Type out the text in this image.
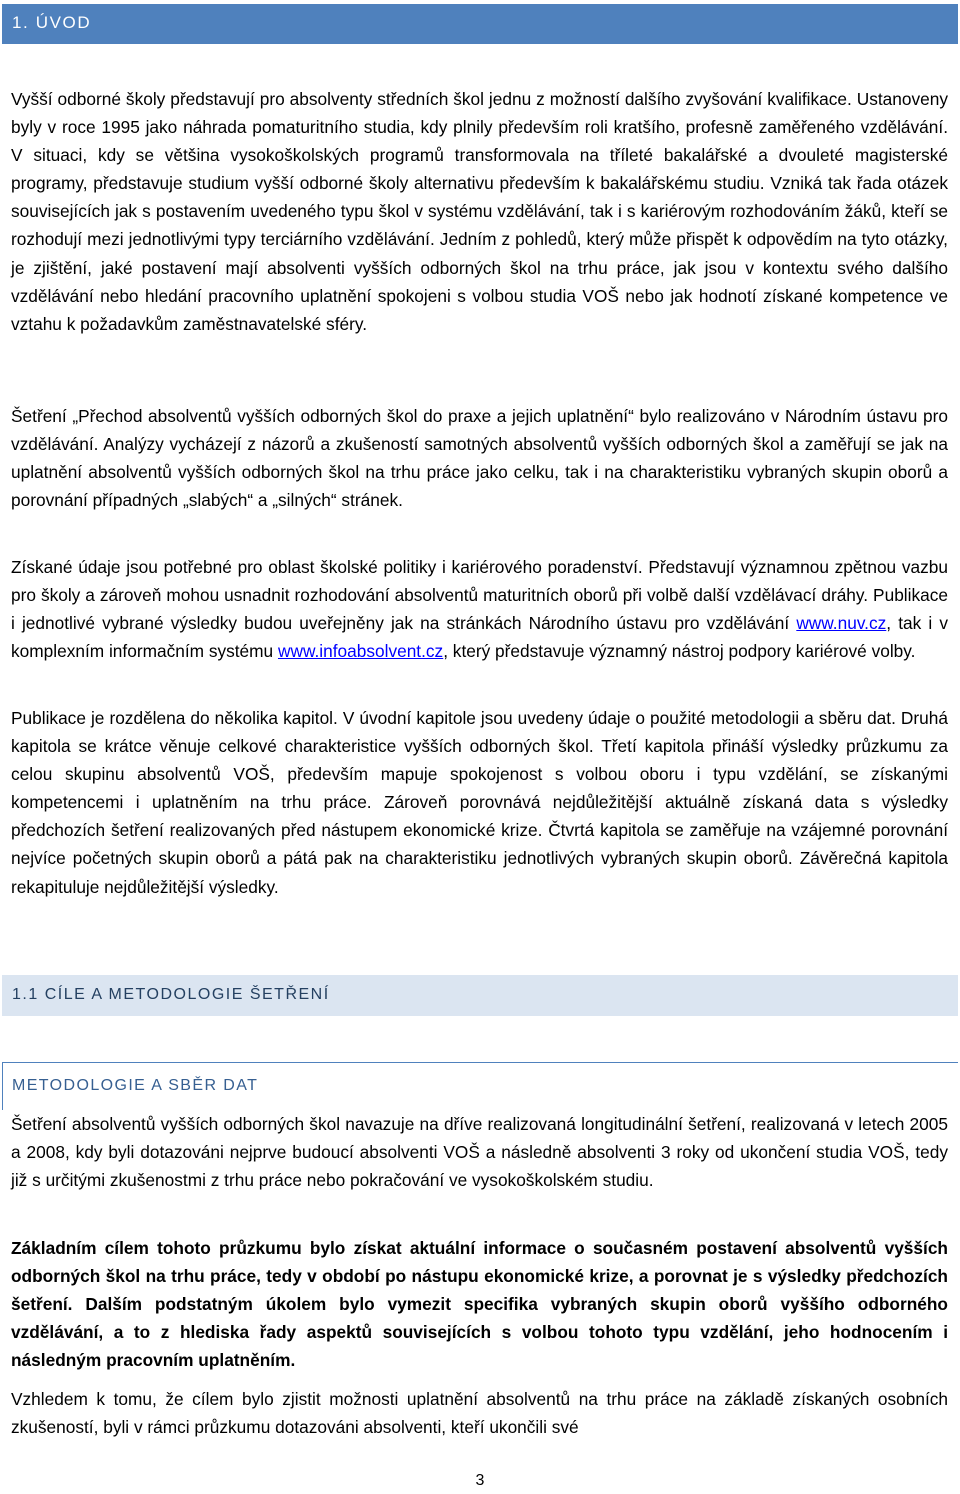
1. ÚVOD

Vyšší odborné školy představují pro absolventy středních škol jednu z možností dalšího zvyšování kvalifikace. Ustanoveny byly v roce 1995 jako náhrada pomaturitního studia, kdy plnily především roli kratšího, profesně zaměřeného vzdělávání. V situaci, kdy se většina vysokoškolských programů transformovala na tříleté bakalářské a dvouleté magisterské programy, představuje studium vyšší odborné školy alternativu především k bakalářskému studiu. Vzniká tak řada otázek souvisejících jak s postavením uvedeného typu škol v systému vzdělávání, tak i s kariérovým rozhodováním žáků, kteří se rozhodují mezi jednotlivými typy terciárního vzdělávání. Jedním z pohledů, který může přispět k odpovědím na tyto otázky, je zjištění, jaké postavení mají absolventi vyšších odborných škol na trhu práce, jak jsou v kontextu svého dalšího vzdělávání nebo hledání pracovního uplatnění spokojeni s volbou studia VOŠ nebo jak hodnotí získané kompetence ve vztahu k požadavkům zaměstnavatelské sféry.

Šetření „Přechod absolventů vyšších odborných škol do praxe a jejich uplatnění“ bylo realizováno v Národním ústavu pro vzdělávání. Analýzy vycházejí z názorů a zkušeností samotných absolventů vyšších odborných škol a zaměřují se jak na uplatnění absolventů vyšších odborných škol na trhu práce jako celku, tak i na charakteristiku vybraných skupin oborů a porovnání případných „slabých“ a „silných“ stránek.

Získané údaje jsou potřebné pro oblast školské politiky i kariérového poradenství. Představují významnou zpětnou vazbu pro školy a zároveň mohou usnadnit rozhodování absolventů maturitních oborů při volbě další vzdělávací dráhy. Publikace i jednotlivé vybrané výsledky budou uveřejněny jak na stránkách Národního ústavu pro vzdělávání www.nuv.cz, tak i v komplexním informačním systému www.infoabsolvent.cz, který představuje významný nástroj podpory kariérové volby.

Publikace je rozdělena do několika kapitol. V úvodní kapitole jsou uvedeny údaje o použité metodologii a sběru dat. Druhá kapitola se krátce věnuje celkové charakteristice vyšších odborných škol. Třetí kapitola přináší výsledky průzkumu za celou skupinu absolventů VOŠ, především mapuje spokojenost s volbou oboru i typu vzdělání, se získanými kompetencemi i uplatněním na trhu práce. Zároveň porovnává nejdůležitější aktuálně získaná data s výsledky předchozích šetření realizovaných před nástupem ekonomické krize. Čtvrtá kapitola se zaměřuje na vzájemné porovnání nejvíce početných skupin oborů a pátá pak na charakteristiku jednotlivých vybraných skupin oborů. Závěrečná kapitola rekapituluje nejdůležitější výsledky.

1.1 CÍLE A METODOLOGIE ŠETŘENÍ
METODOLOGIE A SBĚR DAT

Šetření absolventů vyšších odborných škol navazuje na dříve realizovaná longitudinální šetření, realizovaná v letech 2005 a 2008, kdy byli dotazováni nejprve budoucí absolventi VOŠ a následně absolventi 3 roky od ukončení studia VOŠ, tedy již s určitými zkušenostmi z trhu práce nebo pokračování ve vysokoškolském studiu.

Základním cílem tohoto průzkumu bylo získat aktuální informace o současném postavení absolventů vyšších odborných škol na trhu práce, tedy v období po nástupu ekonomické krize, a porovnat je s výsledky předchozích šetření. Dalším podstatným úkolem bylo vymezit specifika vybraných skupin oborů vyššího odborného vzdělávání, a to z hlediska řady aspektů souvisejících s volbou tohoto typu vzdělání, jeho hodnocením i následným pracovním uplatněním.

Vzhledem k tomu, že cílem bylo zjistit možnosti uplatnění absolventů na trhu práce na základě získaných osobních zkušeností, byli v rámci průzkumu dotazováni absolventi, kteří ukončili své

3
